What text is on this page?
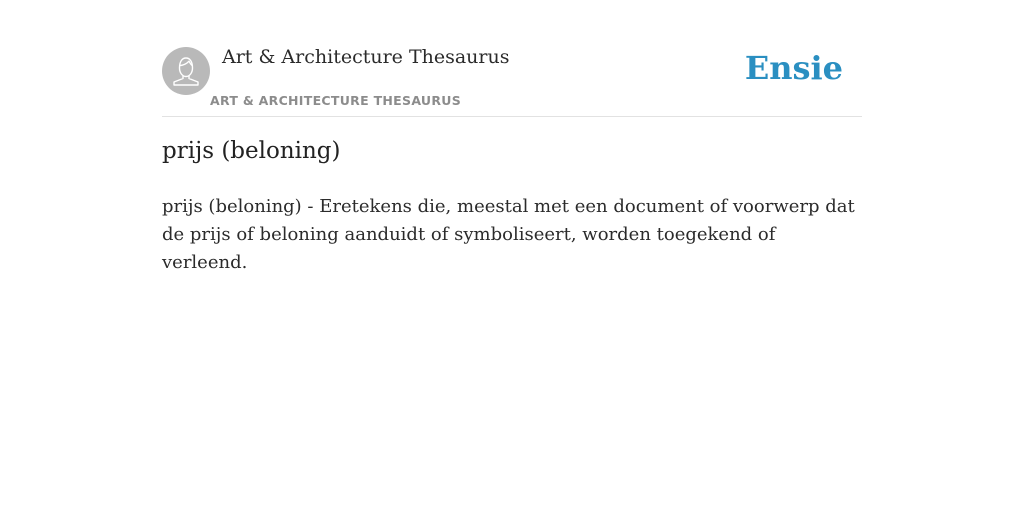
Art & Architecture Thesaurus
ART & ARCHITECTURE THESAURUS
Ensie
prijs (beloning)

prijs (beloning) - Eretekens die, meestal met een document of voorwerp dat de prijs of beloning aanduidt of symboliseert, worden toegekend of verleend.
